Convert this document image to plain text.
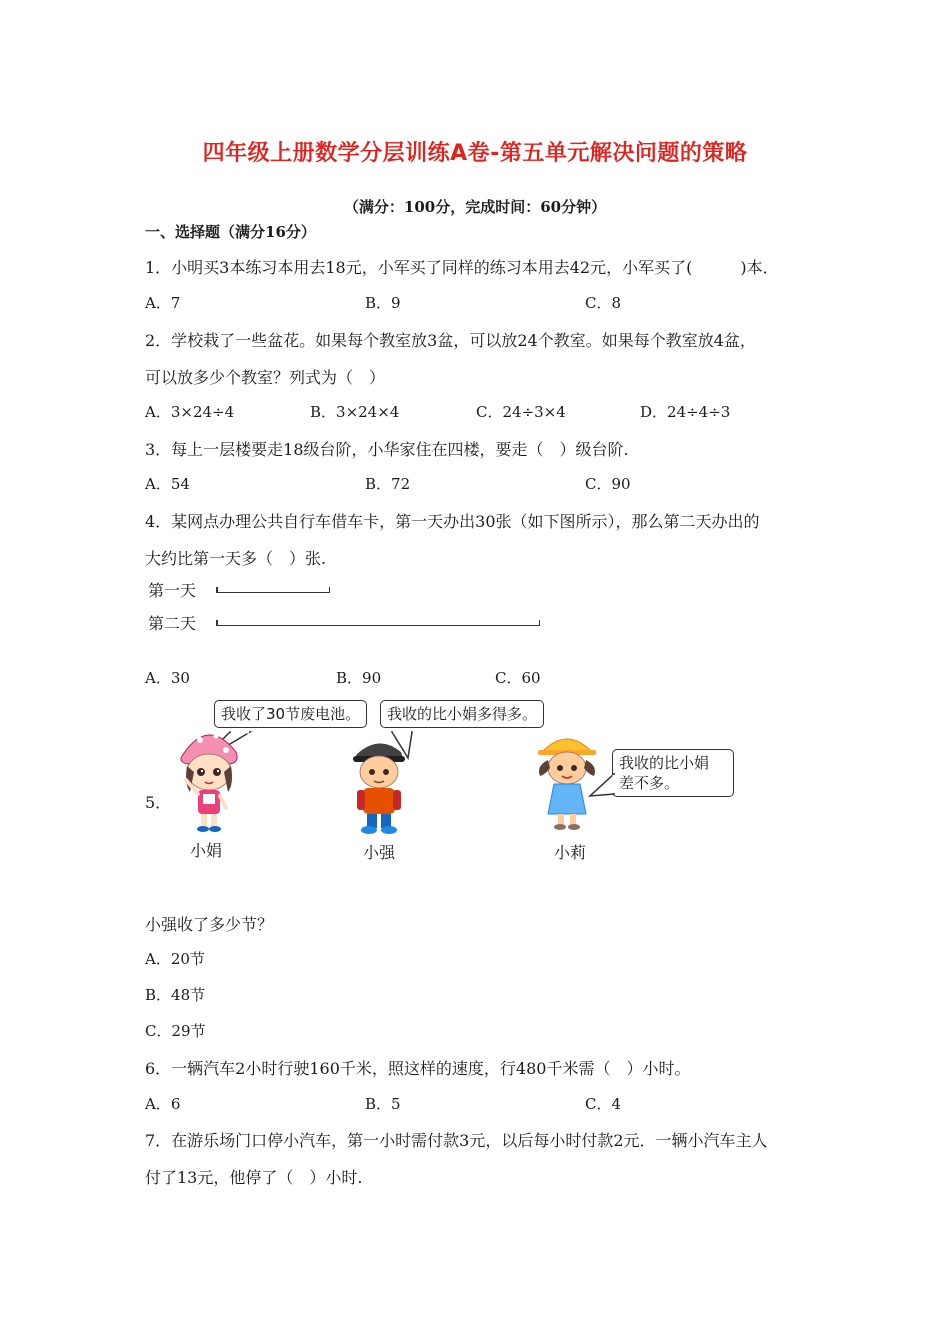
四年级上册数学分层训练A卷-第五单元解决问题的策略
（满分：100分，完成时间：60分钟）
一、选择题（满分16分）
1．小明买3本练习本用去18元，小军买了同样的练习本用去42元，小军买了(　　　)本．
A．7	B．9	C．8
2．学校栽了一些盆花。如果每个教室放3盆，可以放24个教室。如果每个教室放4盆，
可以放多少个教室？列式为（　）
A．3×24÷4	B．3×24×4	C．24÷3×4	D．24÷4÷3
3．每上一层楼要走18级台阶，小华家住在四楼，要走（　）级台阶.
A．54	B．72	C．90
4．某网点办理公共自行车借车卡，第一天办出30张（如下图所示），那么第二天办出的
大约比第一天多（　）张.
第一天
第二天
A．30	B．90	C．60
5．
我收了30节废电池。	我收的比小娟多得多。
我收的比小娟
差不多。
小娟	小强	小莉
小强收了多少节？
A．20节
B．48节
C．29节
6．一辆汽车2小时行驶160千米，照这样的速度，行480千米需（　）小时。
A．6	B．5	C．4
7．在游乐场门口停小汽车，第一小时需付款3元，以后每小时付款2元．一辆小汽车主人
付了13元，他停了（　）小时.
